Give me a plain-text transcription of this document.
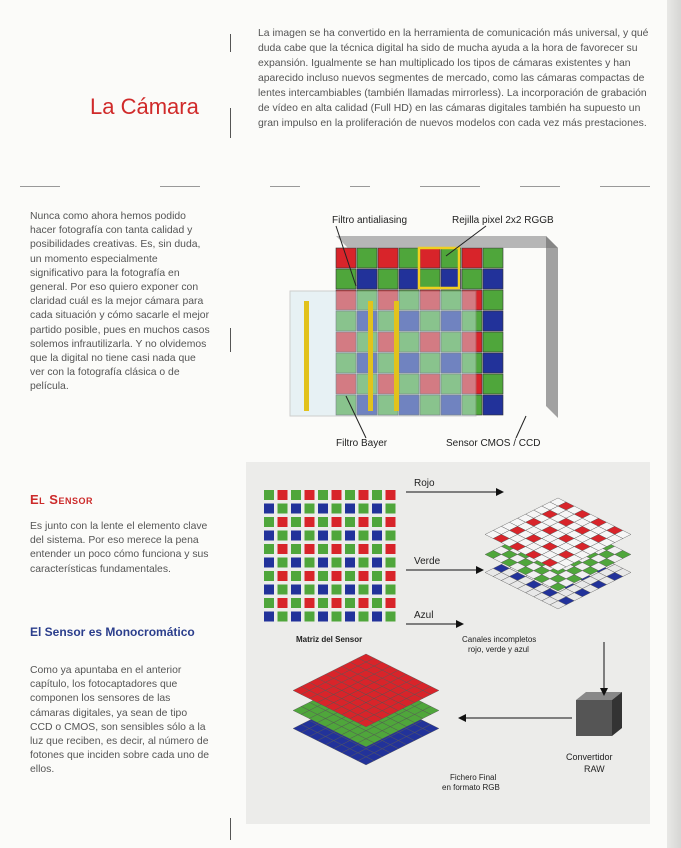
La Cámara

La imagen se ha convertido en la herramienta de comunicación más universal, y qué duda cabe que la técnica digital ha sido de mucha ayuda a la hora de favorecer su expansión. Igualmente se han multiplicado los tipos de cámaras existentes y han aparecido incluso nuevos segmentes de mercado, como las cámaras compactas de lentes intercambiables (también llamadas mirrorless). La incorporación de grabación de vídeo en alta calidad (Full HD) en las cámaras digitales también ha supuesto un gran impulso en la proliferación de nuevos modelos con cada vez más prestaciones.

Nunca como ahora hemos podido hacer fotografía con tanta calidad y posibilidades creativas. Es, sin duda, un momento especialmente significativo para la fotografía en general. Por eso quiero exponer con claridad cuál es la mejor cámara para cada situación y cómo sacarle el mejor partido posible, pues en muchos casos solemos infrautilizarla. Y no olvidemos que la digital no tiene casi nada que ver con la fotografía clásica o de película.

El Sensor

Es junto con la lente el elemento clave del sistema. Por eso merece la pena entender un poco cómo funciona y sus características fundamentales.

El Sensor es Monocromático

Como ya apuntaba en el anterior capítulo, los fotocaptadores que componen los sensores de las cámaras digitales, ya sean de tipo CCD o CMOS, son sensibles sólo a la luz que reciben, es decir, al número de fotones que inciden sobre cada uno de ellos.

Filtro antialiasing	Rejilla pixel 2x2 RGGB
Filtro Bayer	Sensor CMOS / CCD
Rojo
Verde
Azul
Matriz del Sensor	Canales incompletos
rojo, verde y azul
Convertidor
RAW
Fichero Final
en formato RGB
